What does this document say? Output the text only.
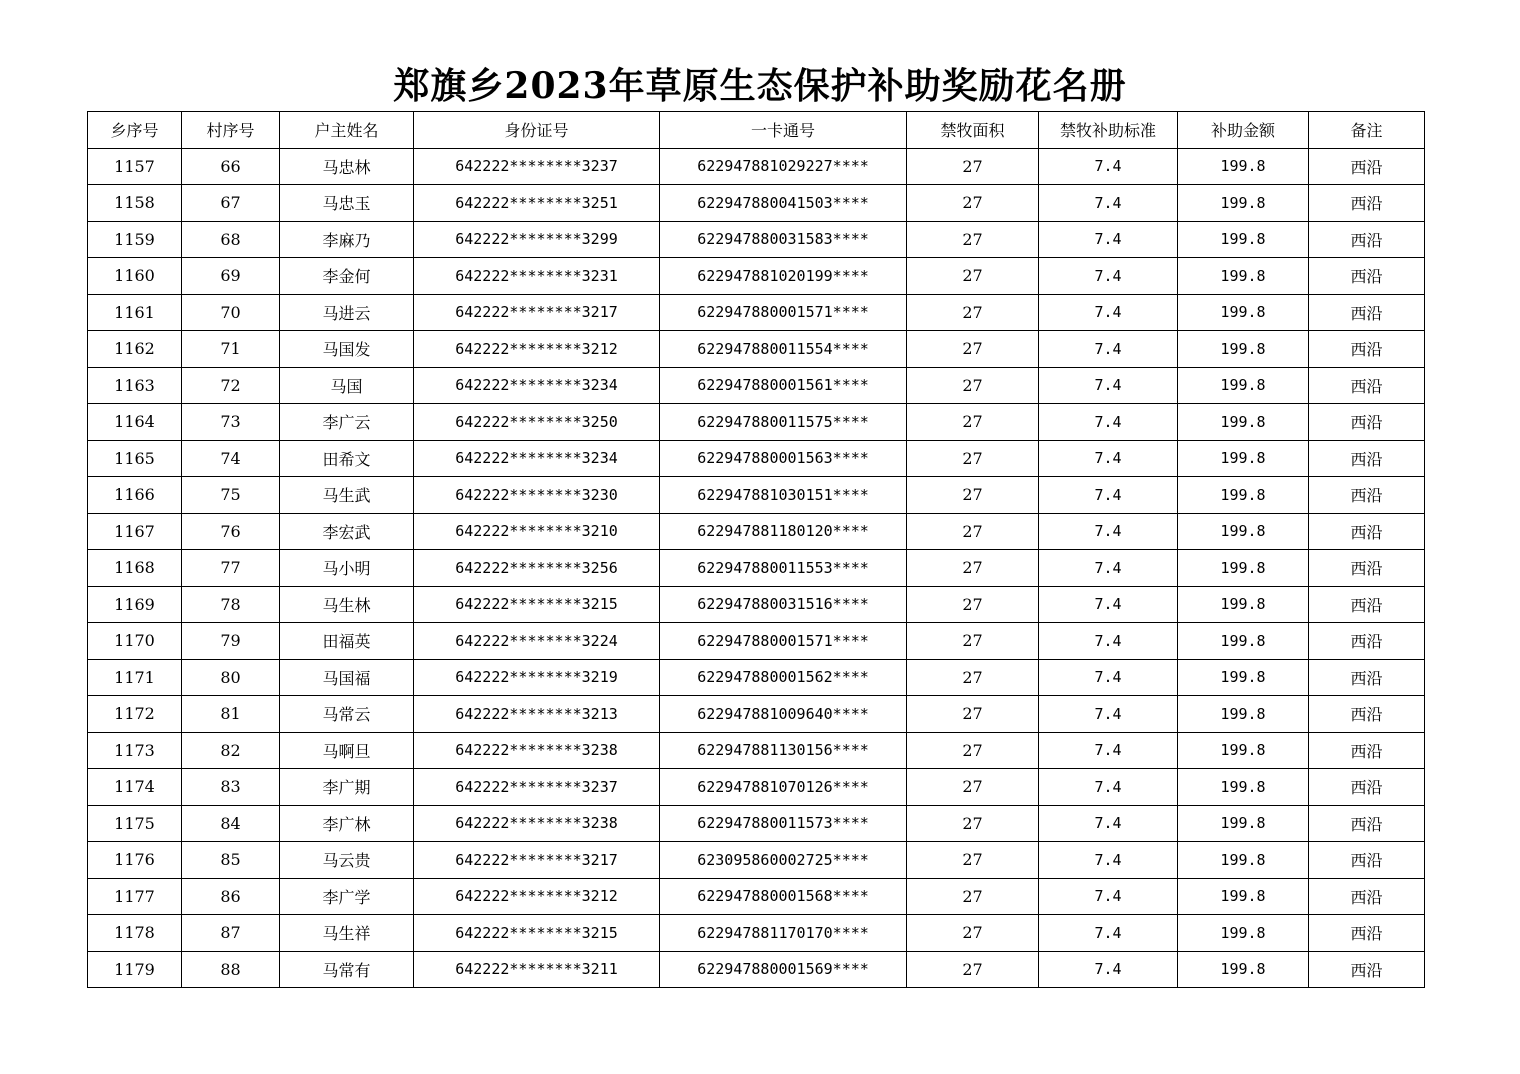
郑旗乡2023年草原生态保护补助奖励花名册
乡序号	村序号	户主姓名	身份证号	一卡通号	禁牧面积	禁牧补助标准	补助金额	备注
1157	66	马忠林	642222********3237	622947881029227****	27	7.4	199.8	西沿
1158	67	马忠玉	642222********3251	622947880041503****	27	7.4	199.8	西沿
1159	68	李麻乃	642222********3299	622947880031583****	27	7.4	199.8	西沿
1160	69	李金何	642222********3231	622947881020199****	27	7.4	199.8	西沿
1161	70	马进云	642222********3217	622947880001571****	27	7.4	199.8	西沿
1162	71	马国发	642222********3212	622947880011554****	27	7.4	199.8	西沿
1163	72	马国	642222********3234	622947880001561****	27	7.4	199.8	西沿
1164	73	李广云	642222********3250	622947880011575****	27	7.4	199.8	西沿
1165	74	田希文	642222********3234	622947880001563****	27	7.4	199.8	西沿
1166	75	马生武	642222********3230	622947881030151****	27	7.4	199.8	西沿
1167	76	李宏武	642222********3210	622947881180120****	27	7.4	199.8	西沿
1168	77	马小明	642222********3256	622947880011553****	27	7.4	199.8	西沿
1169	78	马生林	642222********3215	622947880031516****	27	7.4	199.8	西沿
1170	79	田福英	642222********3224	622947880001571****	27	7.4	199.8	西沿
1171	80	马国福	642222********3219	622947880001562****	27	7.4	199.8	西沿
1172	81	马常云	642222********3213	622947881009640****	27	7.4	199.8	西沿
1173	82	马啊旦	642222********3238	622947881130156****	27	7.4	199.8	西沿
1174	83	李广期	642222********3237	622947881070126****	27	7.4	199.8	西沿
1175	84	李广林	642222********3238	622947880011573****	27	7.4	199.8	西沿
1176	85	马云贵	642222********3217	623095860002725****	27	7.4	199.8	西沿
1177	86	李广学	642222********3212	622947880001568****	27	7.4	199.8	西沿
1178	87	马生祥	642222********3215	622947881170170****	27	7.4	199.8	西沿
1179	88	马常有	642222********3211	622947880001569****	27	7.4	199.8	西沿
